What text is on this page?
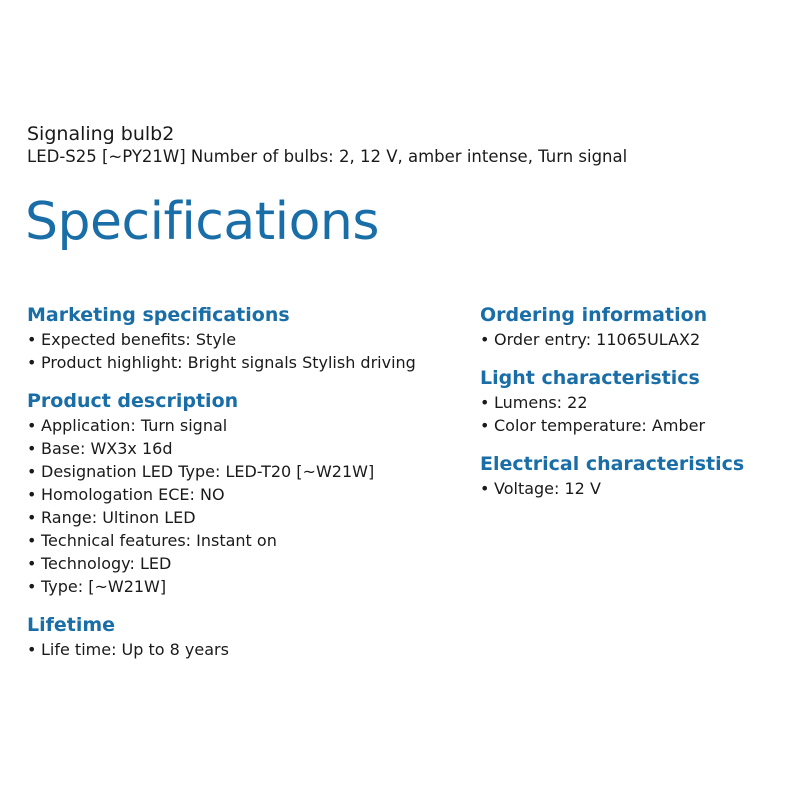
Signaling bulb2

LED-S25 [~PY21W] Number of bulbs: 2, 12 V, amber intense, Turn signal

Specifications
Marketing specifications
• Expected benefits: Style
• Product highlight: Bright signals Stylish driving
Product description
• Application: Turn signal
• Base: WX3x 16d
• Designation LED Type: LED-T20 [~W21W]
• Homologation ECE: NO
• Range: Ultinon LED
• Technical features: Instant on
• Technology: LED
• Type: [~W21W]
Lifetime
• Life time: Up to 8 years
Ordering information
• Order entry: 11065ULAX2
Light characteristics
• Lumens: 22
• Color temperature: Amber
Electrical characteristics
• Voltage: 12 V
